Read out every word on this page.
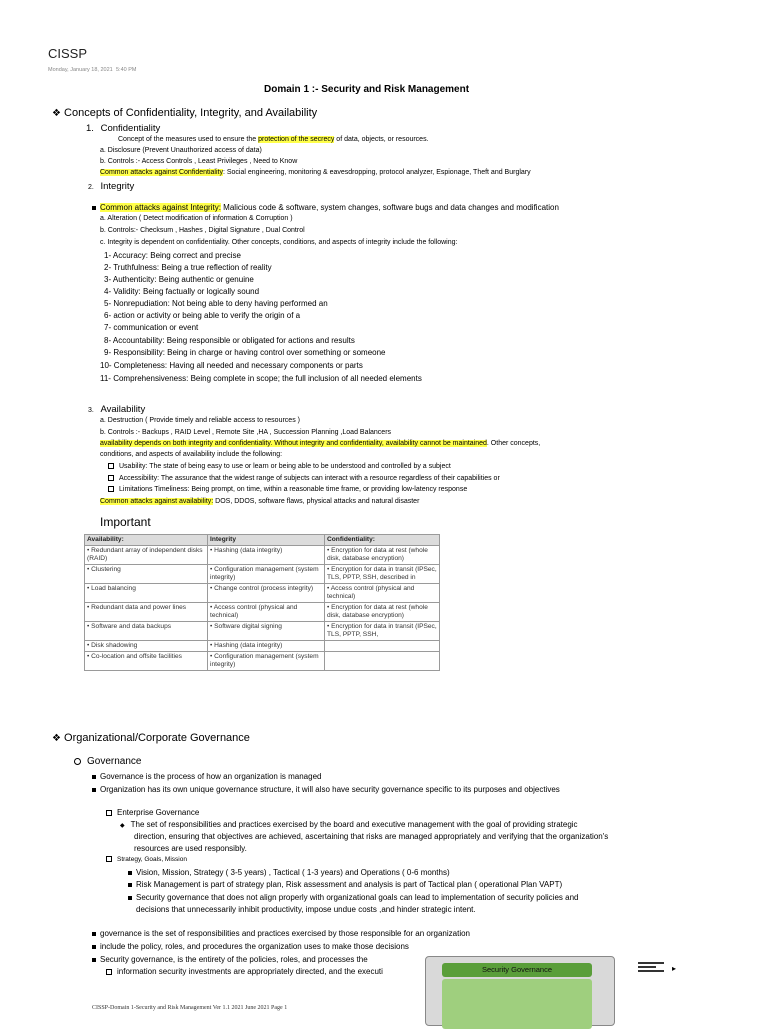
CISSP
Monday, January 18, 2021 5:40 PM
Domain 1 :- Security and Risk Management
❖ Concepts of Confidentiality, Integrity, and Availability
1. Confidentiality
Concept of the measures used to ensure the protection of the secrecy of data, objects, or resources.
a. Disclosure (Prevent Unauthorized access of data)
b. Controls :- Access Controls , Least Privileges , Need to Know
Common attacks against Confidentiality: Social engineering, monitoring & eavesdropping, protocol analyzer, Espionage, Theft and Burglary
2. Integrity
Common attacks against Integrity: Malicious code & software, system changes, software bugs and data changes and modification
a. Alteration ( Detect modification of information & Corruption )
b. Controls:- Checksum , Hashes , Digital Signature , Dual Control
c. Integrity is dependent on confidentiality. Other concepts, conditions, and aspects of integrity include the following:
1- Accuracy: Being correct and precise
2- Truthfulness: Being a true reflection of reality
3- Authenticity: Being authentic or genuine
4- Validity: Being factually or logically sound
5- Nonrepudiation: Not being able to deny having performed an
6- action or activity or being able to verify the origin of a
7- communication or event
8- Accountability: Being responsible or obligated for actions and results
9- Responsibility: Being in charge or having control over something or someone
10- Completeness: Having all needed and necessary components or parts
11- Comprehensiveness: Being complete in scope; the full inclusion of all needed elements
3. Availability
a. Destruction ( Provide timely and reliable access to resources )
b. Controls :- Backups , RAID Level , Remote Site ,HA , Succession Planning ,Load Balancers
availability depends on both integrity and confidentiality. Without integrity and confidentiality, availability cannot be maintained. Other concepts,
conditions, and aspects of availability include the following:
Usability: The state of being easy to use or learn or being able to be understood and controlled by a subject
Accessibility: The assurance that the widest range of subjects can interact with a resource regardless of their capabilities or
Limitations Timeliness: Being prompt, on time, within a reasonable time frame, or providing low-latency response
Common attacks against availability: DOS, DDOS, software flaws, physical attacks and natural disaster
Important
Availability:	Integrity	Confidentiality:
• Redundant array of independent disks (RAID)	• Hashing (data integrity)	• Encryption for data at rest (whole disk, database encryption)
• Clustering	• Configuration management (system integrity)	• Encryption for data in transit (IPSec, TLS, PPTP, SSH, described in
• Load balancing	• Change control (process integrity)	• Access control (physical and technical)
• Redundant data and power lines	• Access control (physical and technical)	• Encryption for data at rest (whole disk, database encryption)
• Software and data backups	• Software digital signing	• Encryption for data in transit (IPSec, TLS, PPTP, SSH,
• Disk shadowing	• Hashing (data integrity)	
• Co-location and offsite facilities	• Configuration management (system integrity)	
❖ Organizational/Corporate Governance
Governance
Governance is the process of how an organization is managed
Organization has its own unique governance structure, it will also have security governance specific to its purposes and objectives
Enterprise Governance
◆ The set of responsibilities and practices exercised by the board and executive management with the goal of providing strategic
direction, ensuring that objectives are achieved, ascertaining that risks are managed appropriately and verifying that the organization's
resources are used responsibly.
Strategy, Goals, Mission
Vision, Mission, Strategy ( 3-5 years) , Tactical ( 1-3 years) and Operations ( 0-6 months)
Risk Management is part of strategy plan, Risk assessment and analysis is part of Tactical plan ( operational Plan VAPT)
Security governance that does not align properly with organizational goals can lead to implementation of security policies and
decisions that unnecessarily inhibit productivity, impose undue costs ,and hinder strategic intent.
governance is the set of responsibilities and practices exercised by those responsible for an organization
include the policy, roles, and procedures the organization uses to make those decisions
Security governance, is the entirety of the policies, roles, and processes the
information security investments are appropriately directed, and the executi	Security Governance	▸
CISSP-Domain 1-Security and Risk Management Ver 1.1 2021 June 2021 Page 1
